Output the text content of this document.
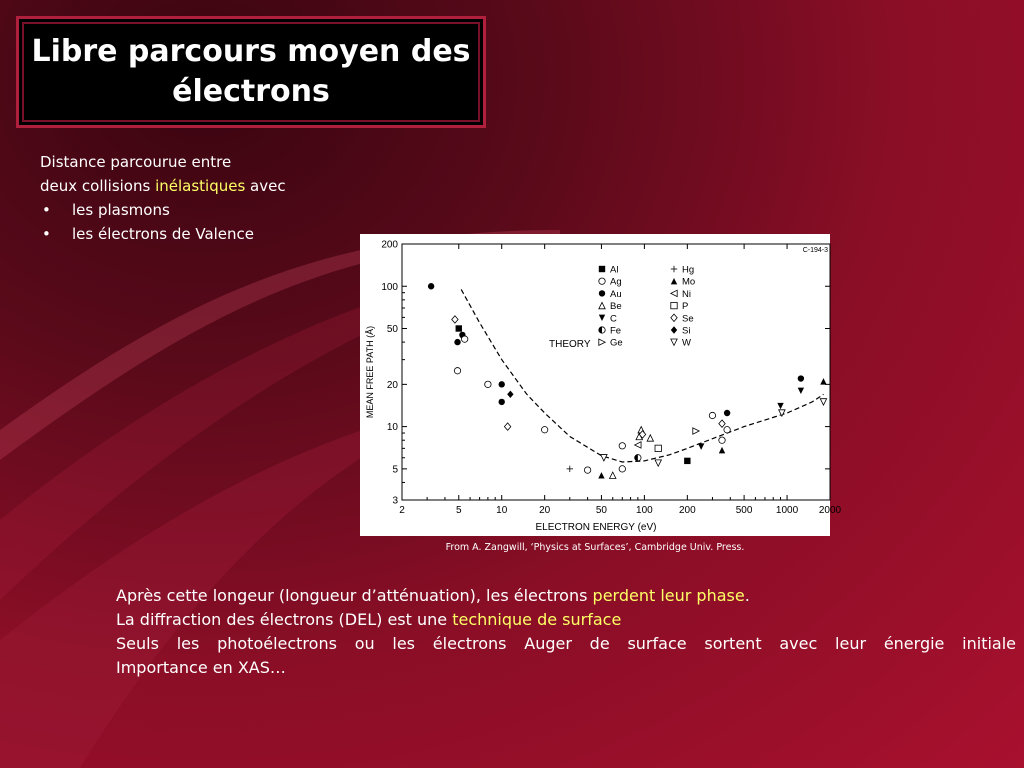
Libre parcours moyen des électrons
Distance parcourue entre
deux collisions inélastiques avec
• les plasmons
• les électrons de Valence
2	5	10	20	50	100	200	500 1000 2000
3
5
10
20
50
100
200
ELECTRON ENERGY (eV)
MEAN FREE PATH (Å)
C-194-3
THEORY
Al
Ag
Au
Be
C
Fe
Ge
Hg
Mo
Ni
P
Se
Si
W
From A. Zangwill, ‘Physics at Surfaces’, Cambridge Univ. Press.

Après cette longeur (longueur d’atténuation), les électrons perdent leur phase.

La diffraction des électrons (DEL) est une technique de surface

Seuls les photoélectrons ou les électrons Auger de surface sortent avec leur énergie initiale

Importance en XAS…
